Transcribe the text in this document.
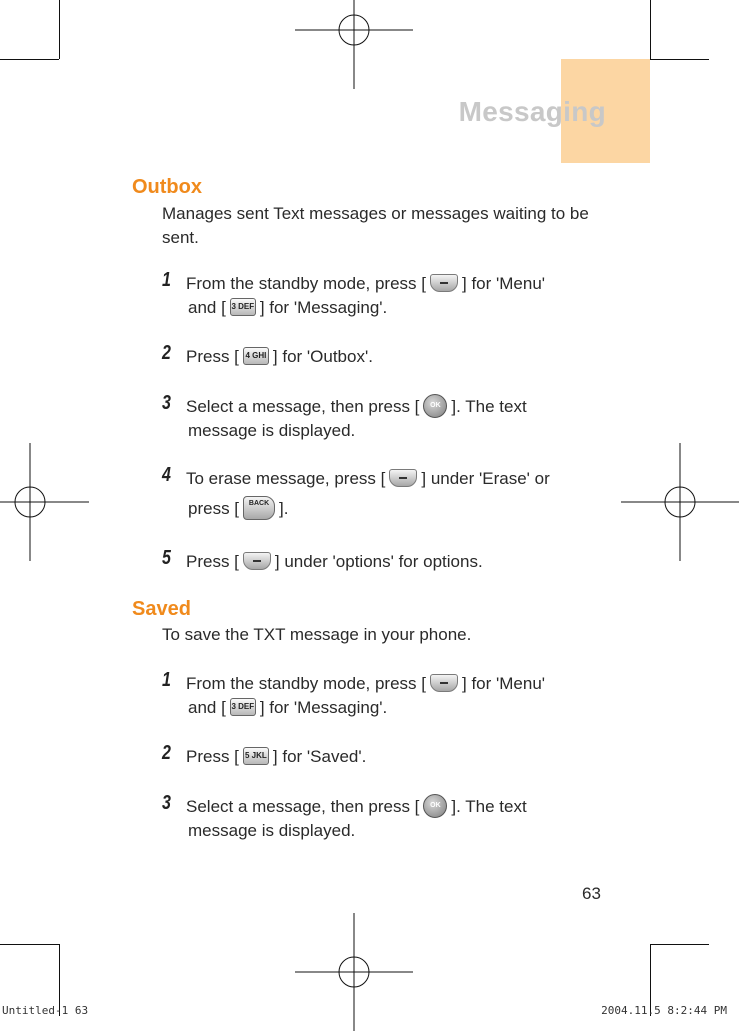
Messaging
Outbox
Manages sent Text messages or messages waiting to be sent.
1 From the standby mode, press [ ] for 'Menu'
and [ 3 DEF ] for 'Messaging'.
2 Press [ 4 GHI ] for 'Outbox'.
3 Select a message, then press [ OK ]. The text
message is displayed.
4 To erase message, press [ ] under 'Erase' or
press [ BACK ].
5 Press [ ] under 'options' for options.
Saved
To save the TXT message in your phone.
1 From the standby mode, press [ ] for 'Menu'
and [ 3 DEF ] for 'Messaging'.
2 Press [ 5 JKL ] for 'Saved'.
3 Select a message, then press [ OK ]. The text
message is displayed.
63
Untitled-1 63	2004.11.5 8:2:44 PM
